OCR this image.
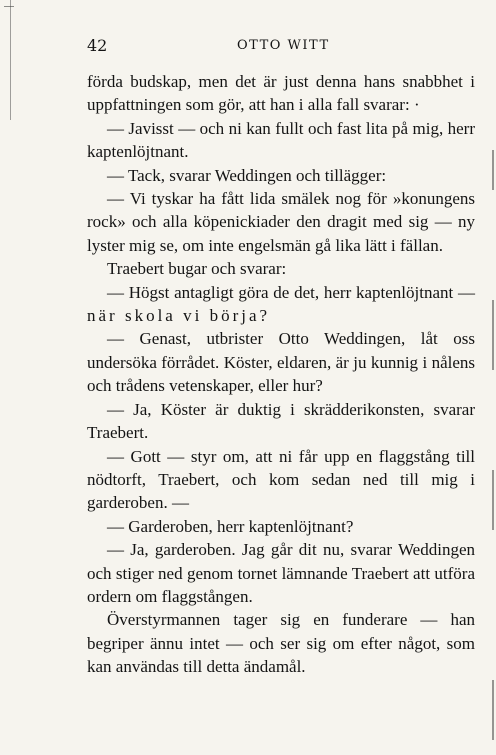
42	OTTO WITT

förda budskap, men det är just denna hans snabbhet i uppfattningen som gör, att han i alla fall svarar: ·

— Javisst — och ni kan fullt och fast lita på mig, herr kaptenlöjtnant.

— Tack, svarar Weddingen och tillägger:

— Vi tyskar ha fått lida smälek nog för »konungens rock» och alla köpenickiader den dragit med sig — ny lyster mig se, om inte engelsmän gå lika lätt i fällan.

Traebert bugar och svarar:

— Högst antagligt göra de det, herr kaptenlöjtnant — när skola vi börja?

— Genast, utbrister Otto Weddingen, låt oss undersöka förrådet. Köster, eldaren, är ju kunnig i nålens och trådens vetenskaper, eller hur?

— Ja, Köster är duktig i skrädderikonsten, svarar Traebert.

— Gott — styr om, att ni får upp en flaggstång till nödtorft, Traebert, och kom sedan ned till mig i garderoben. —

— Garderoben, herr kaptenlöjtnant?

— Ja, garderoben. Jag går dit nu, svarar Weddingen och stiger ned genom tornet lämnande Traebert att utföra ordern om flaggstången.

Överstyrmannen tager sig en funderare — han begriper ännu intet — och ser sig om efter något, som kan användas till detta ändamål.
